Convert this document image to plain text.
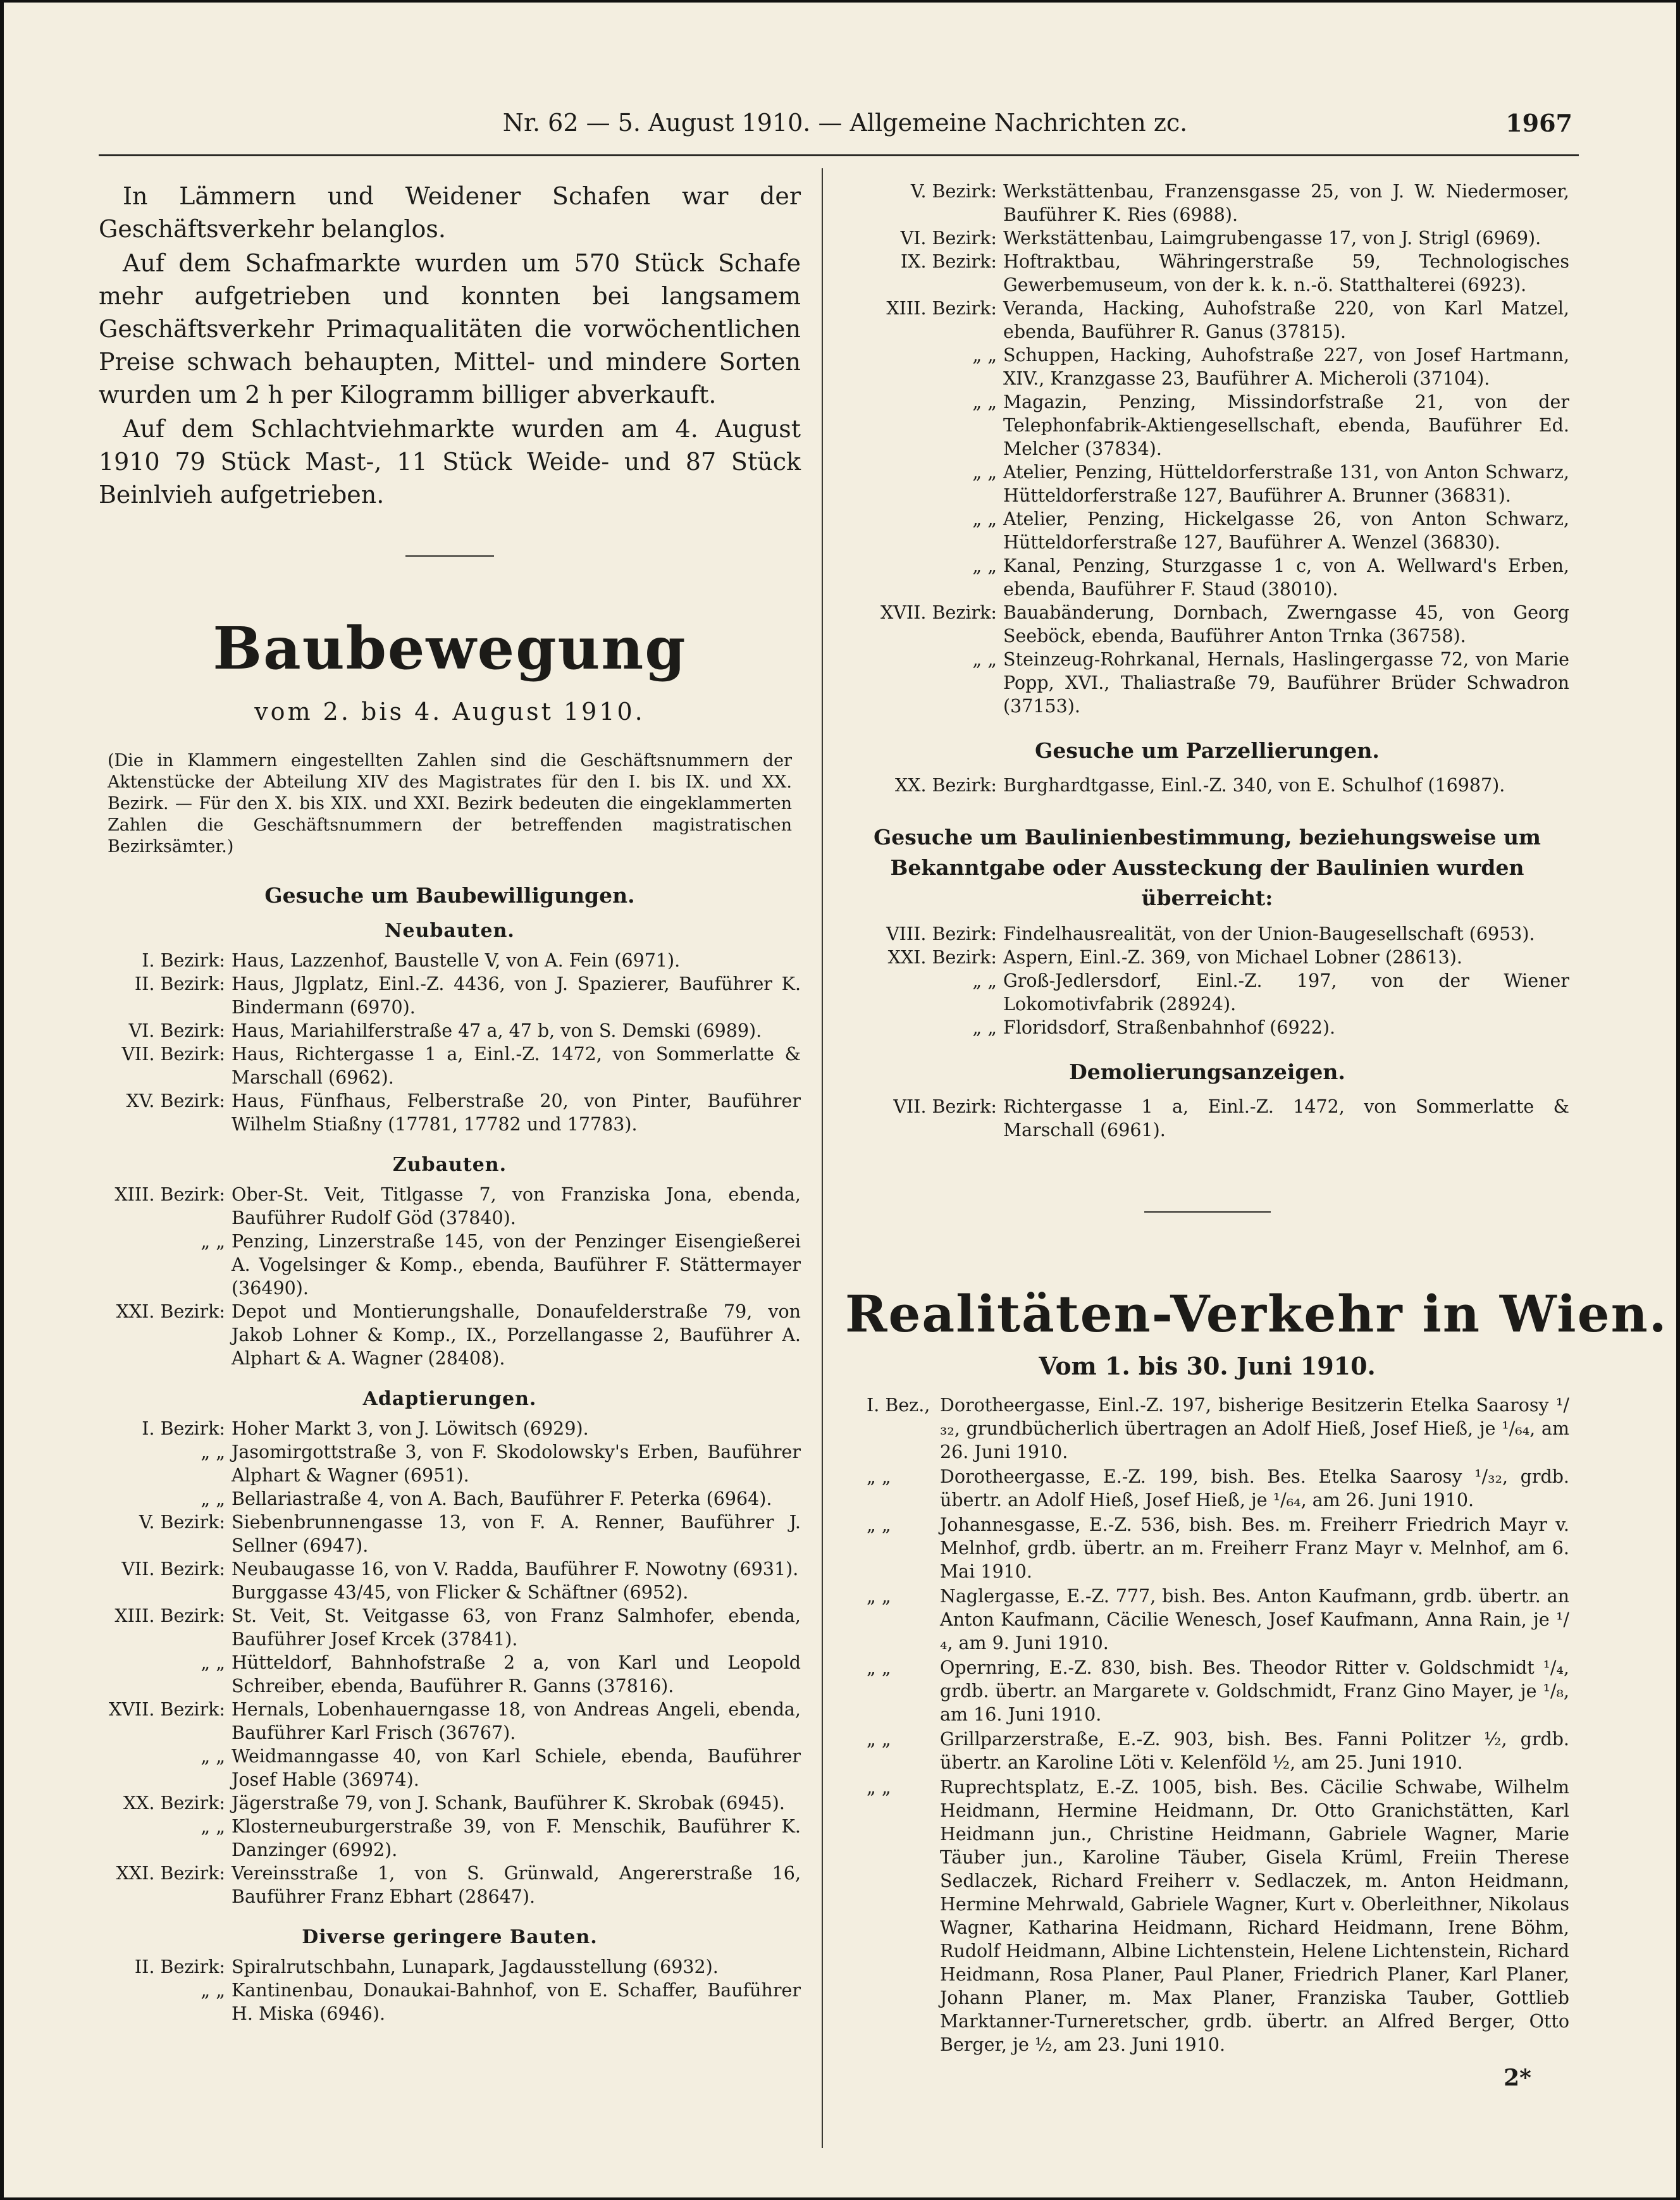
Nr. 62 — 5. August 1910. — Allgemeine Nachrichten zc.	1967

In Lämmern und Weidener Schafen war der Geschäftsverkehr belanglos.

Auf dem Schafmarkte wurden um 570 Stück Schafe mehr aufgetrieben und konnten bei langsamem Geschäftsverkehr Primaqualitäten die vorwöchentlichen Preise schwach behaupten, Mittel- und mindere Sorten wurden um 2 h per Kilogramm billiger abverkauft.

Auf dem Schlachtviehmarkte wurden am 4. August 1910 79 Stück Mast-, 11 Stück Weide- und 87 Stück Beinlvieh aufgetrieben.

Baubewegung

vom 2. bis 4. August 1910.

(Die in Klammern eingestellten Zahlen sind die Geschäftsnummern der Aktenstücke der Abteilung XIV des Magistrates für den I. bis IX. und XX. Bezirk. — Für den X. bis XIX. und XXI. Bezirk bedeuten die eingeklammerten Zahlen die Geschäftsnummern der betreffenden magistratischen Bezirksämter.)

Gesuche um Baubewilligungen.

Neubauten.

I. Bezirk: Haus, Lazzenhof, Baustelle V, von A. Fein (6971).
II. Bezirk: Haus, Jlgplatz, Einl.-Z. 4436, von J. Spazierer, Bauführer K. Bindermann (6970).
VI. Bezirk: Haus, Mariahilferstraße 47 a, 47 b, von S. Demski (6989).
VII. Bezirk: Haus, Richtergasse 1 a, Einl.-Z. 1472, von Sommerlatte & Marschall (6962).
XV. Bezirk: Haus, Fünfhaus, Felberstraße 20, von Pinter, Bauführer Wilhelm Stiaßny (17781, 17782 und 17783).

Zubauten.

XIII. Bezirk: Ober-St. Veit, Titlgasse 7, von Franziska Jona, ebenda, Bauführer Rudolf Göd (37840).
„ „ Penzing, Linzerstraße 145, von der Penzinger Eisengießerei A. Vogelsinger & Komp., ebenda, Bauführer F. Stättermayer (36490).
XXI. Bezirk: Depot und Montierungshalle, Donaufelderstraße 79, von Jakob Lohner & Komp., IX., Porzellangasse 2, Bauführer A. Alphart & A. Wagner (28408).

Adaptierungen.

I. Bezirk: Hoher Markt 3, von J. Löwitsch (6929).
„ „ Jasomirgottstraße 3, von F. Skodolowsky's Erben, Bauführer Alphart & Wagner (6951).
„ „ Bellariastraße 4, von A. Bach, Bauführer F. Peterka (6964).
V. Bezirk: Siebenbrunnengasse 13, von F. A. Renner, Bauführer J. Sellner (6947).
VII. Bezirk: Neubaugasse 16, von V. Radda, Bauführer F. Nowotny (6931).
Burggasse 43/45, von Flicker & Schäftner (6952).
XIII. Bezirk: St. Veit, St. Veitgasse 63, von Franz Salmhofer, ebenda, Bauführer Josef Krcek (37841).
„ „ Hütteldorf, Bahnhofstraße 2 a, von Karl und Leopold Schreiber, ebenda, Bauführer R. Ganns (37816).
XVII. Bezirk: Hernals, Lobenhauerngasse 18, von Andreas Angeli, ebenda, Bauführer Karl Frisch (36767).
„ „ Weidmanngasse 40, von Karl Schiele, ebenda, Bauführer Josef Hable (36974).
XX. Bezirk: Jägerstraße 79, von J. Schank, Bauführer K. Skrobak (6945).
„ „ Klosterneuburgerstraße 39, von F. Menschik, Bauführer K. Danzinger (6992).
XXI. Bezirk: Vereinsstraße 1, von S. Grünwald, Angererstraße 16, Bauführer Franz Ebhart (28647).

Diverse geringere Bauten.

II. Bezirk: Spiralrutschbahn, Lunapark, Jagdausstellung (6932).
„ „ Kantinenbau, Donaukai-Bahnhof, von E. Schaffer, Bauführer H. Miska (6946).
V. Bezirk: Werkstättenbau, Franzensgasse 25, von J. W. Niedermoser, Bauführer K. Ries (6988).
VI. Bezirk: Werkstättenbau, Laimgrubengasse 17, von J. Strigl (6969).
IX. Bezirk: Hoftraktbau, Währingerstraße 59, Technologisches Gewerbemuseum, von der k. k. n.-ö. Statthalterei (6923).
XIII. Bezirk: Veranda, Hacking, Auhofstraße 220, von Karl Matzel, ebenda, Bauführer R. Ganus (37815).
„ „ Schuppen, Hacking, Auhofstraße 227, von Josef Hartmann, XIV., Kranzgasse 23, Bauführer A. Micheroli (37104).
„ „ Magazin, Penzing, Missindorfstraße 21, von der Telephonfabrik-Aktiengesellschaft, ebenda, Bauführer Ed. Melcher (37834).
„ „ Atelier, Penzing, Hütteldorferstraße 131, von Anton Schwarz, Hütteldorferstraße 127, Bauführer A. Brunner (36831).
„ „ Atelier, Penzing, Hickelgasse 26, von Anton Schwarz, Hütteldorferstraße 127, Bauführer A. Wenzel (36830).
„ „ Kanal, Penzing, Sturzgasse 1 c, von A. Wellward's Erben, ebenda, Bauführer F. Staud (38010).
XVII. Bezirk: Bauabänderung, Dornbach, Zwerngasse 45, von Georg Seeböck, ebenda, Bauführer Anton Trnka (36758).
„ „ Steinzeug-Rohrkanal, Hernals, Haslingergasse 72, von Marie Popp, XVI., Thaliastraße 79, Bauführer Brüder Schwadron (37153).

Gesuche um Parzellierungen.

XX. Bezirk: Burghardtgasse, Einl.-Z. 340, von E. Schulhof (16987).

Gesuche um Baulinienbestimmung, beziehungsweise um Bekanntgabe oder Aussteckung der Baulinien wurden überreicht:

VIII. Bezirk: Findelhausrealität, von der Union-Baugesellschaft (6953).
XXI. Bezirk: Aspern, Einl.-Z. 369, von Michael Lobner (28613).
„ „ Groß-Jedlersdorf, Einl.-Z. 197, von der Wiener Lokomotivfabrik (28924).
„ „ Floridsdorf, Straßenbahnhof (6922).

Demolierungsanzeigen.

VII. Bezirk: Richtergasse 1 a, Einl.-Z. 1472, von Sommerlatte & Marschall (6961).
Realitäten-Verkehr in Wien.

Vom 1. bis 30. Juni 1910.

I. Bez., Dorotheergasse, Einl.-Z. 197, bisherige Besitzerin Etelka Saarosy ¹/₃₂, grundbücherlich übertragen an Adolf Hieß, Josef Hieß, je ¹/₆₄, am 26. Juni 1910.
„ „	Dorotheergasse, E.-Z. 199, bish. Bes. Etelka Saarosy ¹/₃₂, grdb. übertr. an Adolf Hieß, Josef Hieß, je ¹/₆₄, am 26. Juni 1910.
„ „	Johannesgasse, E.-Z. 536, bish. Bes. m. Freiherr Friedrich Mayr v. Melnhof, grdb. übertr. an m. Freiherr Franz Mayr v. Melnhof, am 6. Mai 1910.
„ „	Naglergasse, E.-Z. 777, bish. Bes. Anton Kaufmann, grdb. übertr. an Anton Kaufmann, Cäcilie Wenesch, Josef Kaufmann, Anna Rain, je ¹/₄, am 9. Juni 1910.
„ „	Opernring, E.-Z. 830, bish. Bes. Theodor Ritter v. Goldschmidt ¹/₄, grdb. übertr. an Margarete v. Goldschmidt, Franz Gino Mayer, je ¹/₈, am 16. Juni 1910.
„ „	Grillparzerstraße, E.-Z. 903, bish. Bes. Fanni Politzer ½, grdb. übertr. an Karoline Löti v. Kelenföld ½, am 25. Juni 1910.
„ „	Ruprechtsplatz, E.-Z. 1005, bish. Bes. Cäcilie Schwabe, Wilhelm Heidmann, Hermine Heidmann, Dr. Otto Granichstätten, Karl Heidmann jun., Christine Heidmann, Gabriele Wagner, Marie Täuber jun., Karoline Täuber, Gisela Krüml, Freiin Therese Sedlaczek, Richard Freiherr v. Sedlaczek, m. Anton Heidmann, Hermine Mehrwald, Gabriele Wagner, Kurt v. Oberleithner, Nikolaus Wagner, Katharina Heidmann, Richard Heidmann, Irene Böhm, Rudolf Heidmann, Albine Lichtenstein, Helene Lichtenstein, Richard Heidmann, Rosa Planer, Paul Planer, Friedrich Planer, Karl Planer, Johann Planer, m. Max Planer, Franziska Tauber, Gottlieb Marktanner-Turneretscher, grdb. übertr. an Alfred Berger, Otto Berger, je ½, am 23. Juni 1910.

2*
